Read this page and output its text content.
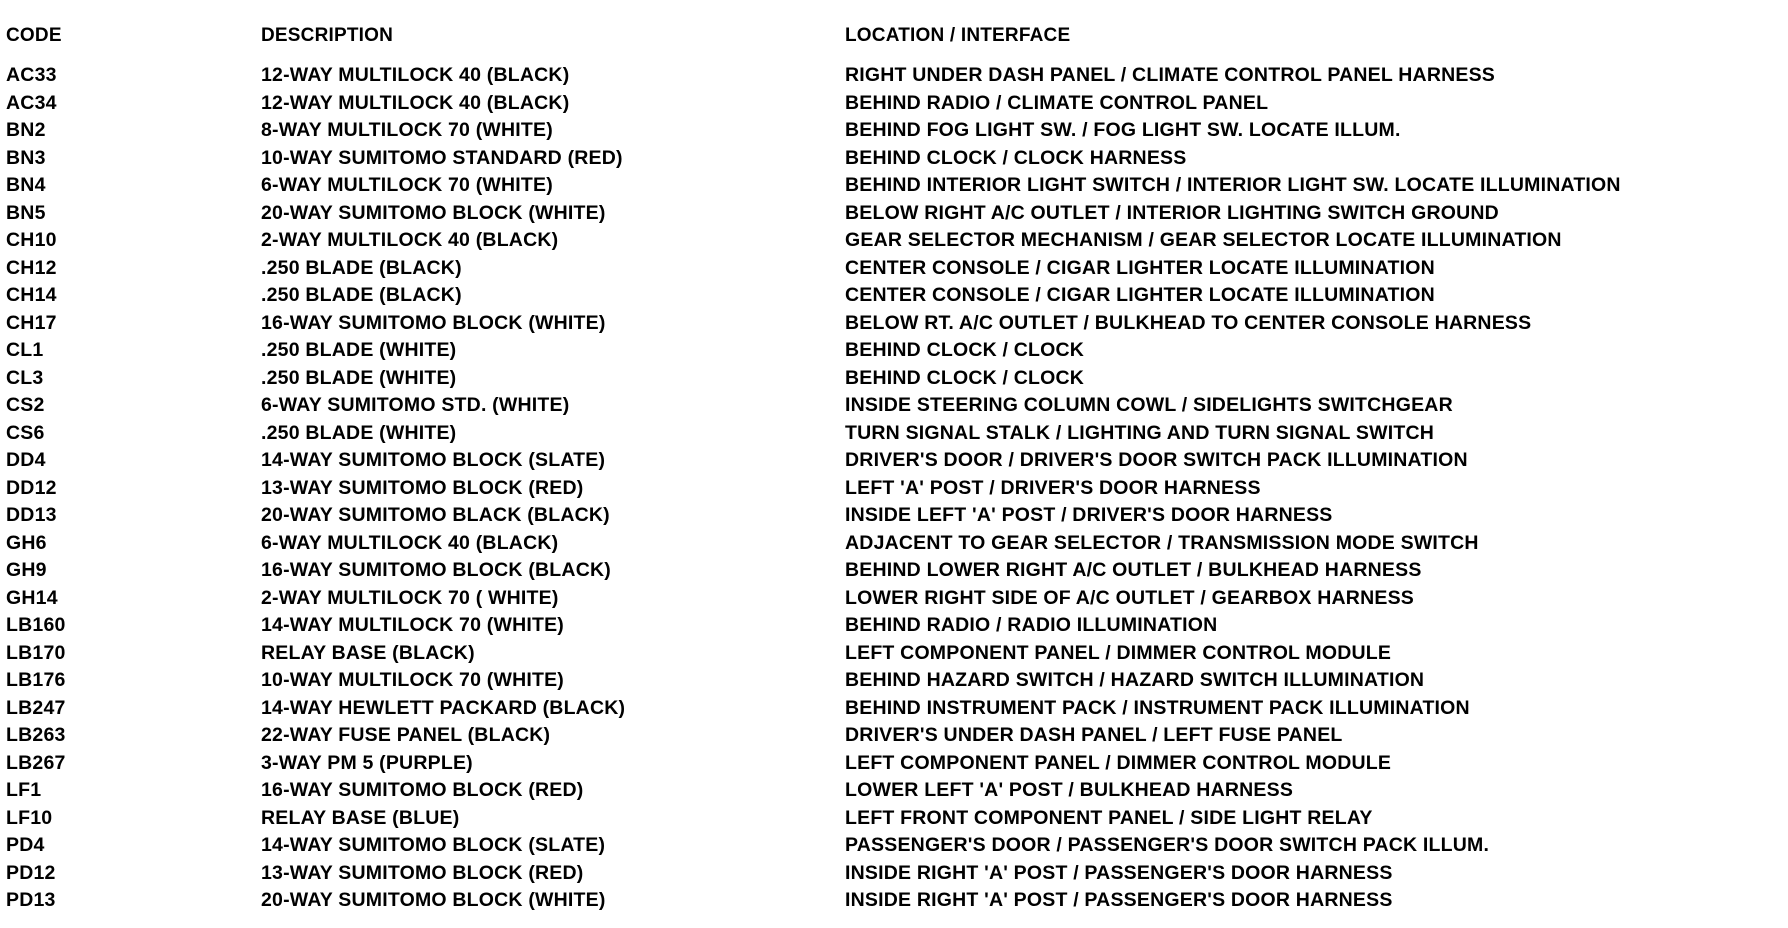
CODE	DESCRIPTION	LOCATION / INTERFACE
AC33	12-WAY MULTILOCK 40 (BLACK)	RIGHT UNDER DASH PANEL / CLIMATE CONTROL PANEL HARNESS
AC34	12-WAY MULTILOCK 40 (BLACK)	BEHIND RADIO / CLIMATE CONTROL PANEL
BN2	8-WAY MULTILOCK 70 (WHITE)	BEHIND FOG LIGHT SW. / FOG LIGHT SW. LOCATE ILLUM.
BN3	10-WAY SUMITOMO STANDARD (RED)	BEHIND CLOCK / CLOCK HARNESS
BN4	6-WAY MULTILOCK 70 (WHITE)	BEHIND INTERIOR LIGHT SWITCH / INTERIOR LIGHT SW. LOCATE ILLUMINATION
BN5	20-WAY SUMITOMO BLOCK (WHITE)	BELOW RIGHT A/C OUTLET / INTERIOR LIGHTING SWITCH GROUND
CH10	2-WAY MULTILOCK 40 (BLACK)	GEAR SELECTOR MECHANISM / GEAR SELECTOR LOCATE ILLUMINATION
CH12	.250 BLADE (BLACK)	CENTER CONSOLE / CIGAR LIGHTER LOCATE ILLUMINATION
CH14	.250 BLADE (BLACK)	CENTER CONSOLE / CIGAR LIGHTER LOCATE ILLUMINATION
CH17	16-WAY SUMITOMO BLOCK (WHITE)	BELOW RT. A/C OUTLET / BULKHEAD TO CENTER CONSOLE HARNESS
CL1	.250 BLADE (WHITE)	BEHIND CLOCK / CLOCK
CL3	.250 BLADE (WHITE)	BEHIND CLOCK / CLOCK
CS2	6-WAY SUMITOMO STD. (WHITE)	INSIDE STEERING COLUMN COWL / SIDELIGHTS SWITCHGEAR
CS6	.250 BLADE (WHITE)	TURN SIGNAL STALK / LIGHTING AND TURN SIGNAL SWITCH
DD4	14-WAY SUMITOMO BLOCK (SLATE)	DRIVER'S DOOR / DRIVER'S DOOR SWITCH PACK ILLUMINATION
DD12	13-WAY SUMITOMO BLOCK (RED)	LEFT 'A' POST / DRIVER'S DOOR HARNESS
DD13	20-WAY SUMITOMO BLACK (BLACK)	INSIDE LEFT 'A' POST / DRIVER'S DOOR HARNESS
GH6	6-WAY MULTILOCK 40 (BLACK)	ADJACENT TO GEAR SELECTOR / TRANSMISSION MODE SWITCH
GH9	16-WAY SUMITOMO BLOCK (BLACK)	BEHIND LOWER RIGHT A/C OUTLET / BULKHEAD HARNESS
GH14	2-WAY MULTILOCK 70 ( WHITE)	LOWER RIGHT SIDE OF A/C OUTLET / GEARBOX HARNESS
LB160	14-WAY MULTILOCK 70 (WHITE)	BEHIND RADIO / RADIO ILLUMINATION
LB170	RELAY BASE (BLACK)	LEFT COMPONENT PANEL / DIMMER CONTROL MODULE
LB176	10-WAY MULTILOCK 70 (WHITE)	BEHIND HAZARD SWITCH / HAZARD SWITCH ILLUMINATION
LB247	14-WAY HEWLETT PACKARD (BLACK)	BEHIND INSTRUMENT PACK / INSTRUMENT PACK ILLUMINATION
LB263	22-WAY FUSE PANEL (BLACK)	DRIVER'S UNDER DASH PANEL / LEFT FUSE PANEL
LB267	3-WAY PM 5 (PURPLE)	LEFT COMPONENT PANEL / DIMMER CONTROL MODULE
LF1	16-WAY SUMITOMO BLOCK (RED)	LOWER LEFT 'A' POST / BULKHEAD HARNESS
LF10	RELAY BASE (BLUE)	LEFT FRONT COMPONENT PANEL / SIDE LIGHT RELAY
PD4	14-WAY SUMITOMO BLOCK (SLATE)	PASSENGER'S DOOR / PASSENGER'S DOOR SWITCH PACK ILLUM.
PD12	13-WAY SUMITOMO BLOCK (RED)	INSIDE RIGHT 'A' POST / PASSENGER'S DOOR HARNESS
PD13	20-WAY SUMITOMO BLOCK (WHITE)	INSIDE RIGHT 'A' POST / PASSENGER'S DOOR HARNESS
